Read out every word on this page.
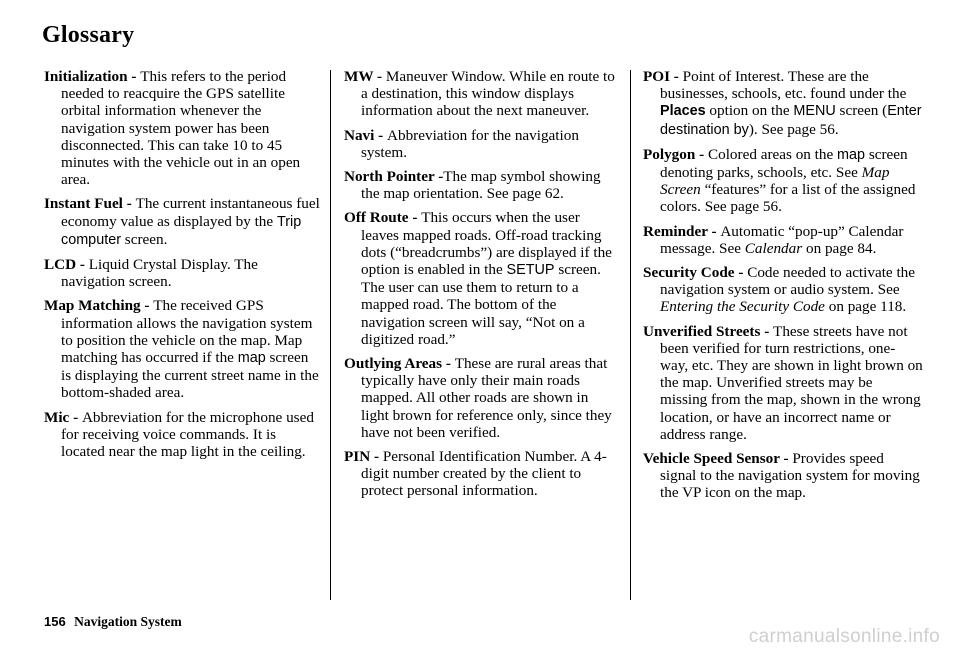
Glossary

Initialization - This refers to the period needed to reacquire the GPS satellite orbital information whenever the navigation system power has been disconnected. This can take 10 to 45 minutes with the vehicle out in an open area.

Instant Fuel - The current instantaneous fuel economy value as displayed by the Trip computer screen.

LCD - Liquid Crystal Display. The navigation screen.

Map Matching - The received GPS information allows the navigation system to position the vehicle on the map. Map matching has occurred if the map screen is displaying the current street name in the bottom-shaded area.

Mic - Abbreviation for the microphone used for receiving voice commands. It is located near the map light in the ceiling.

MW - Maneuver Window. While en route to a destination, this window displays information about the next maneuver.

Navi - Abbreviation for the navigation system.

North Pointer -The map symbol showing the map orientation. See page 62.

Off Route - This occurs when the user leaves mapped roads. Off-road tracking dots (“breadcrumbs”) are displayed if the option is enabled in the SETUP screen. The user can use them to return to a mapped road. The bottom of the navigation screen will say, “Not on a digitized road.”

Outlying Areas - These are rural areas that typically have only their main roads mapped. All other roads are shown in light brown for reference only, since they have not been verified.

PIN - Personal Identification Number. A 4-digit number created by the client to protect personal information.

POI - Point of Interest. These are the businesses, schools, etc. found under the Places option on the MENU screen (Enter destination by). See page 56.

Polygon - Colored areas on the map screen denoting parks, schools, etc. See Map Screen “features” for a list of the assigned colors. See page 56.

Reminder - Automatic “pop-up” Calendar message. See Calendar on page 84.

Security Code - Code needed to activate the navigation system or audio system. See Entering the Security Code on page 118.

Unverified Streets - These streets have not been verified for turn restrictions, one-way, etc. They are shown in light brown on the map. Unverified streets may be missing from the map, shown in the wrong location, or have an incorrect name or address range.

Vehicle Speed Sensor - Provides speed signal to the navigation system for moving the VP icon on the map.

156 Navigation System
carmanualsonline.info
